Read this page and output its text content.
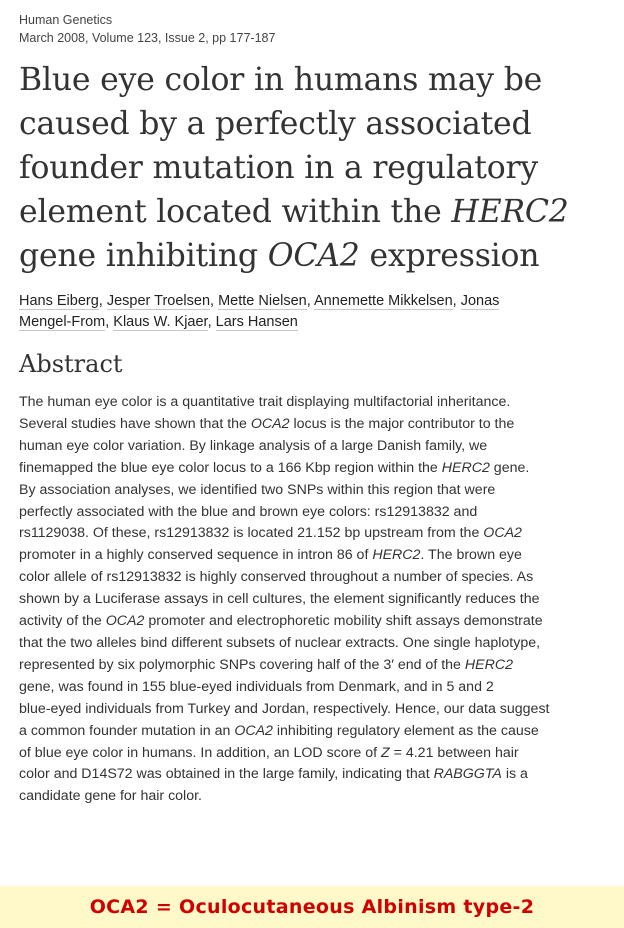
Human Genetics
March 2008, Volume 123, Issue 2, pp 177-187

Blue eye color in humans may be

caused by a perfectly associated

founder mutation in a regulatory

element located within the HERC2

gene inhibiting OCA2 expression

Hans Eiberg, Jesper Troelsen, Mette Nielsen, Annemette Mikkelsen, Jonas
Mengel-From, Klaus W. Kjaer, Lars Hansen
Abstract
The human eye color is a quantitative trait displaying multifactorial inheritance.
Several studies have shown that the OCA2 locus is the major contributor to the
human eye color variation. By linkage analysis of a large Danish family, we
finemapped the blue eye color locus to a 166 Kbp region within the HERC2 gene.
By association analyses, we identified two SNPs within this region that were
perfectly associated with the blue and brown eye colors: rs12913832 and
rs1129038. Of these, rs12913832 is located 21.152 bp upstream from the OCA2
promoter in a highly conserved sequence in intron 86 of HERC2. The brown eye
color allele of rs12913832 is highly conserved throughout a number of species. As
shown by a Luciferase assays in cell cultures, the element significantly reduces the
activity of the OCA2 promoter and electrophoretic mobility shift assays demonstrate
that the two alleles bind different subsets of nuclear extracts. One single haplotype,
represented by six polymorphic SNPs covering half of the 3′ end of the HERC2
gene, was found in 155 blue-eyed individuals from Denmark, and in 5 and 2
blue-eyed individuals from Turkey and Jordan, respectively. Hence, our data suggest
a common founder mutation in an OCA2 inhibiting regulatory element as the cause
of blue eye color in humans. In addition, an LOD score of Z = 4.21 between hair
color and D14S72 was obtained in the large family, indicating that RABGGTA is a
candidate gene for hair color.
OCA2 = Oculocutaneous Albinism type-2
